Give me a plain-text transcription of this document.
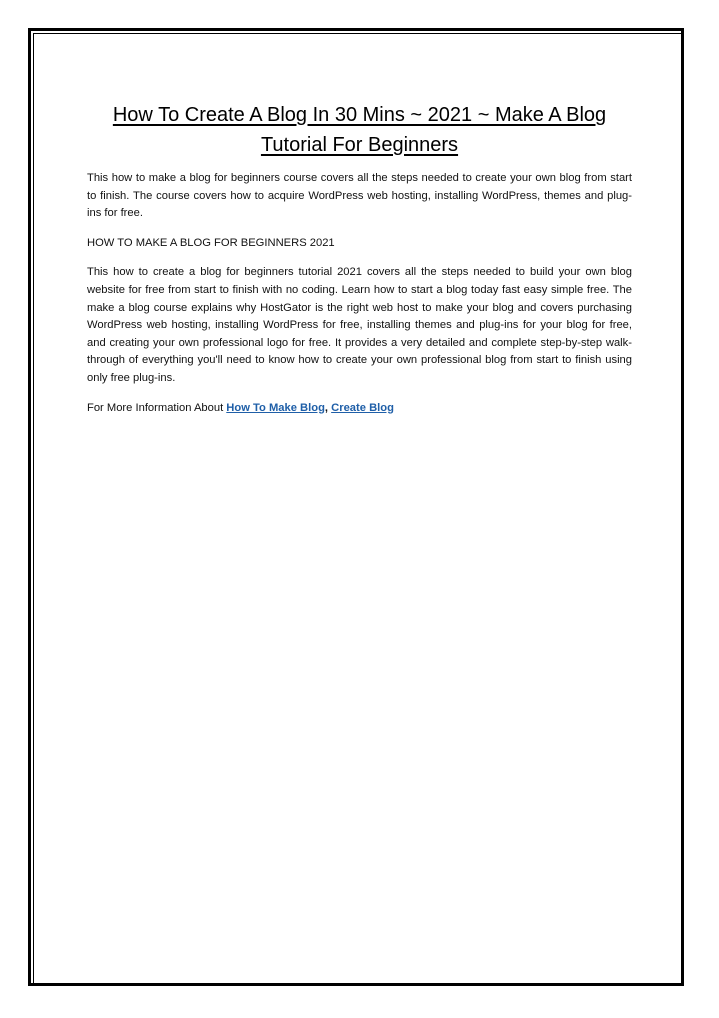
How To Create A Blog In 30 Mins ~ 2021 ~ Make A Blog Tutorial For Beginners

This how to make a blog for beginners course covers all the steps needed to create your own blog from start to finish. The course covers how to acquire WordPress web hosting, installing WordPress, themes and plug-ins for free.

HOW TO MAKE A BLOG FOR BEGINNERS 2021

This how to create a blog for beginners tutorial 2021 covers all the steps needed to build your own blog website for free from start to finish with no coding. Learn how to start a blog today fast easy simple free. The make a blog course explains why HostGator is the right web host to make your blog and covers purchasing WordPress web hosting, installing WordPress for free, installing themes and plug-ins for your blog for free, and creating your own professional logo for free. It provides a very detailed and complete step-by-step walk-through of everything you'll need to know how to create your own professional blog from start to finish using only free plug-ins.

For More Information About How To Make Blog, Create Blog
